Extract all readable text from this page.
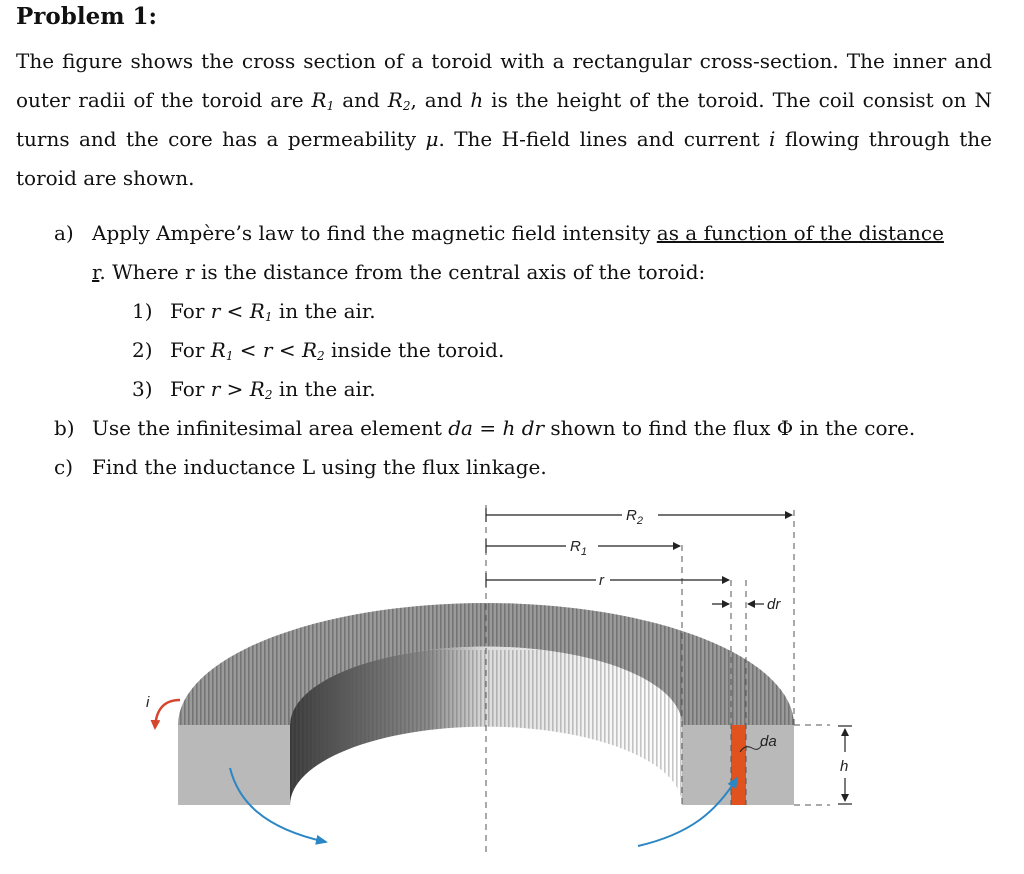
Problem 1:
The figure shows the cross section of a toroid with a rectangular cross-section. The inner and outer radii of the toroid are $R_1$ and $R_2$, and h is the height of the toroid. The coil consist on N turns and the core has a permeability μ. The H-field lines and current i flowing through the toroid are shown.
a) Apply Ampère’s law to find the magnetic field intensity as a function of the distance
r. Where r is the distance from the central axis of the toroid:
1) For $r < R_1$ in the air.
2) For $R_1 < r < R_2$ inside the toroid.
3) For $r > R_2$ in the air.
b) Use the infinitesimal area element da = h dr shown to find the flux Φ in the core.
c) Find the inductance L using the flux linkage.
$R_2$
$R_1$
r
dr
da
h
i
